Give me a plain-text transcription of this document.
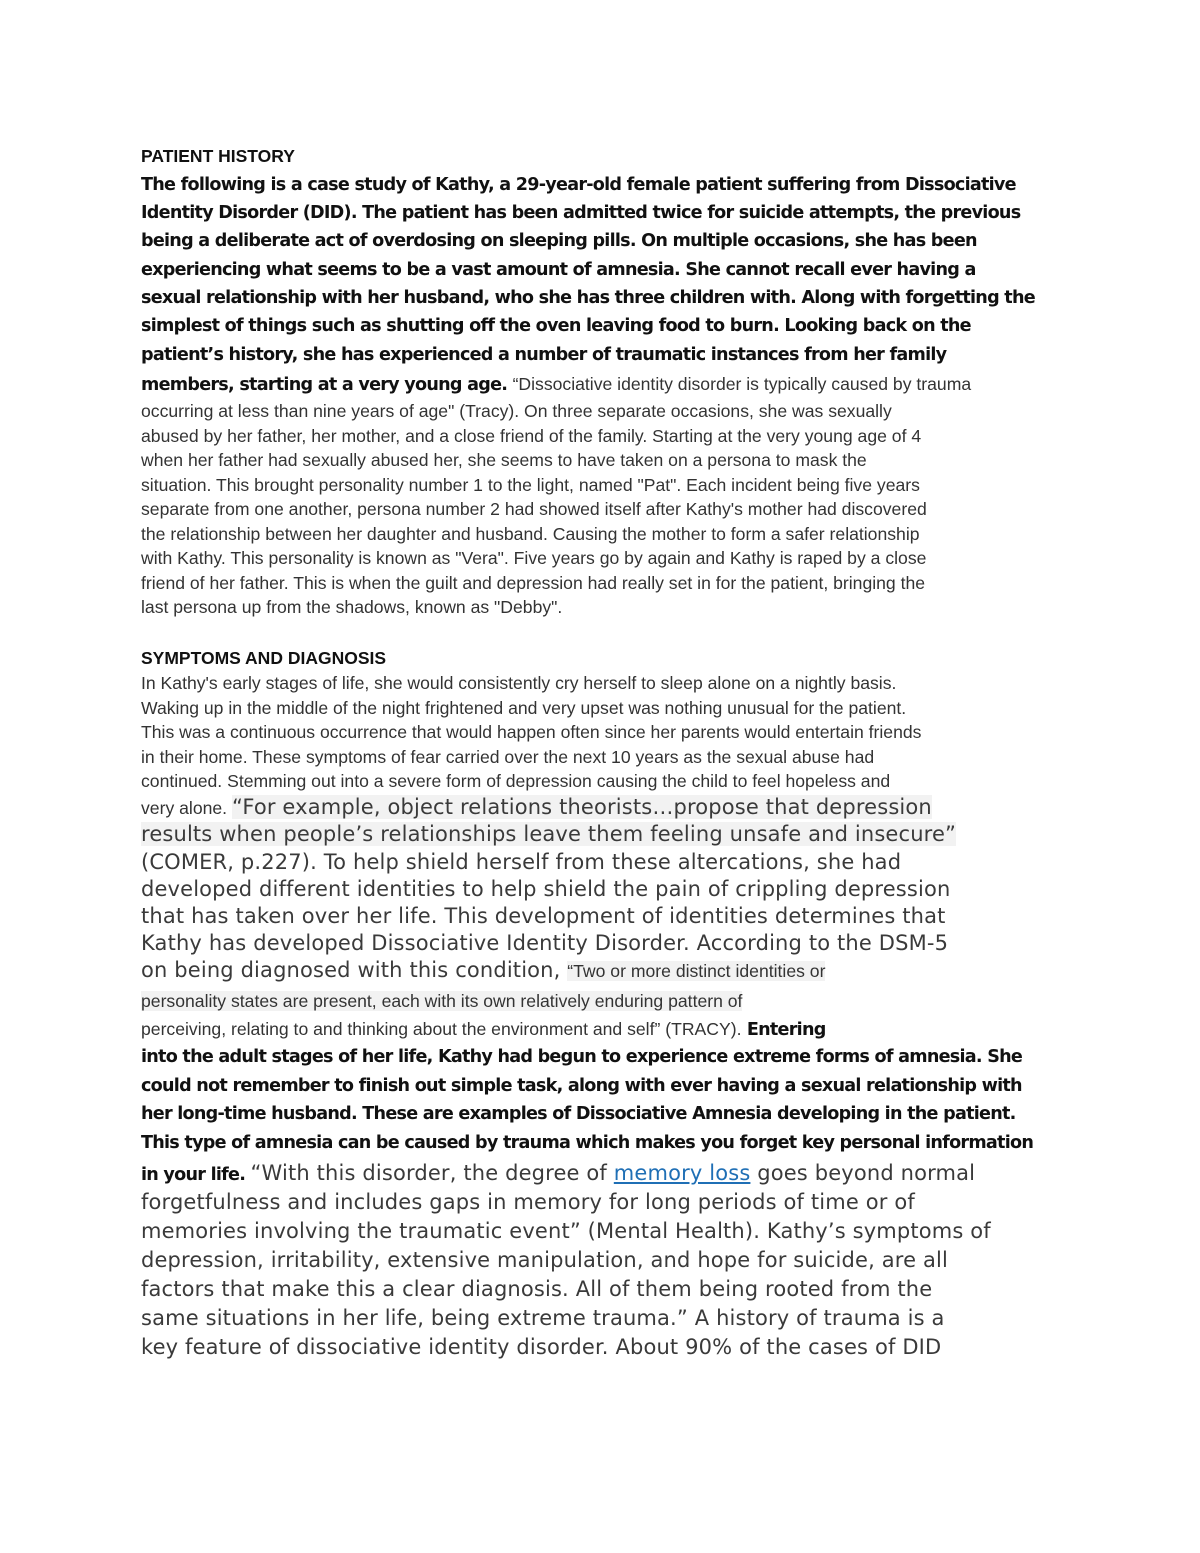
PATIENT HISTORY

The following is a case study of Kathy, a 29-year-old female patient suffering from Dissociative

Identity Disorder (DID). The patient has been admitted twice for suicide attempts, the previous

being a deliberate act of overdosing on sleeping pills. On multiple occasions, she has been

experiencing what seems to be a vast amount of amnesia. She cannot recall ever having a

sexual relationship with her husband, who she has three children with. Along with forgetting the

simplest of things such as shutting off the oven leaving food to burn. Looking back on the

patient’s history, she has experienced a number of traumatic instances from her family

members, starting at a very young age. “Dissociative identity disorder is typically caused by trauma

occurring at less than nine years of age" (Tracy). On three separate occasions, she was sexually

abused by her father, her mother, and a close friend of the family. Starting at the very young age of 4

when her father had sexually abused her, she seems to have taken on a persona to mask the

situation. This brought personality number 1 to the light, named "Pat". Each incident being five years

separate from one another, persona number 2 had showed itself after Kathy's mother had discovered

the relationship between her daughter and husband. Causing the mother to form a safer relationship

with Kathy. This personality is known as "Vera". Five years go by again and Kathy is raped by a close

friend of her father. This is when the guilt and depression had really set in for the patient, bringing the

last persona up from the shadows, known as "Debby".

SYMPTOMS AND DIAGNOSIS

In Kathy's early stages of life, she would consistently cry herself to sleep alone on a nightly basis.

Waking up in the middle of the night frightened and very upset was nothing unusual for the patient.

This was a continuous occurrence that would happen often since her parents would entertain friends

in their home. These symptoms of fear carried over the next 10 years as the sexual abuse had

continued. Stemming out into a severe form of depression causing the child to feel hopeless and

very alone. “For example, object relations theorists…propose that depression

results when people’s relationships leave them feeling unsafe and insecure”

(COMER, p.227). To help shield herself from these altercations, she had

developed different identities to help shield the pain of crippling depression

that has taken over her life. This development of identities determines that

Kathy has developed Dissociative Identity Disorder. According to the DSM-5

on being diagnosed with this condition, “Two or more distinct identities or

personality states are present, each with its own relatively enduring pattern of

perceiving, relating to and thinking about the environment and self” (TRACY). Entering

into the adult stages of her life, Kathy had begun to experience extreme forms of amnesia. She

could not remember to finish out simple task, along with ever having a sexual relationship with

her long-time husband. These are examples of Dissociative Amnesia developing in the patient.

This type of amnesia can be caused by trauma which makes you forget key personal information

in your life. “With this disorder, the degree of memory loss goes beyond normal

forgetfulness and includes gaps in memory for long periods of time or of

memories involving the traumatic event” (Mental Health). Kathy’s symptoms of

depression, irritability, extensive manipulation, and hope for suicide, are all

factors that make this a clear diagnosis. All of them being rooted from the

same situations in her life, being extreme trauma.” A history of trauma is a

key feature of dissociative identity disorder. About 90% of the cases of DID
